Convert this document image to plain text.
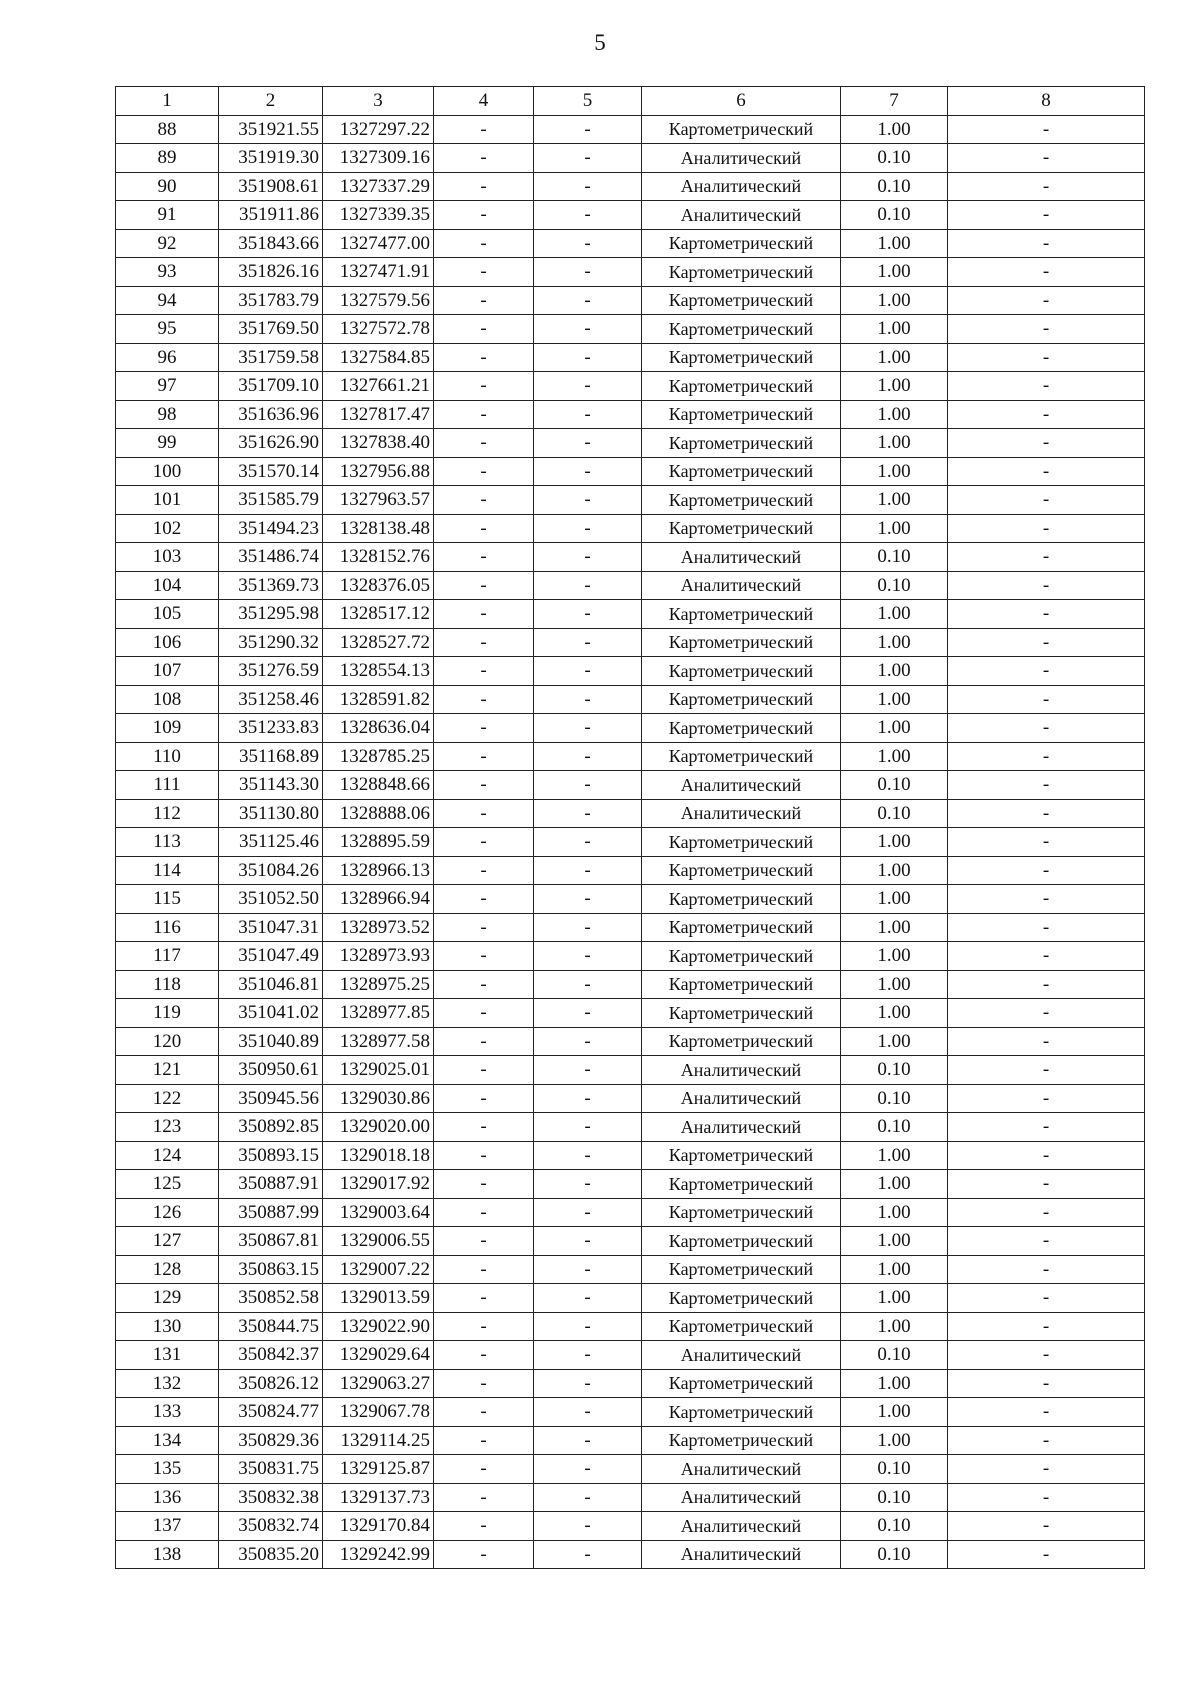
5
1	2	3	4	5	6	7	8
88	351921.55	1327297.22	-	-	Картометрический	1.00	-
89	351919.30	1327309.16	-	-	Аналитический	0.10	-
90	351908.61	1327337.29	-	-	Аналитический	0.10	-
91	351911.86	1327339.35	-	-	Аналитический	0.10	-
92	351843.66	1327477.00	-	-	Картометрический	1.00	-
93	351826.16	1327471.91	-	-	Картометрический	1.00	-
94	351783.79	1327579.56	-	-	Картометрический	1.00	-
95	351769.50	1327572.78	-	-	Картометрический	1.00	-
96	351759.58	1327584.85	-	-	Картометрический	1.00	-
97	351709.10	1327661.21	-	-	Картометрический	1.00	-
98	351636.96	1327817.47	-	-	Картометрический	1.00	-
99	351626.90	1327838.40	-	-	Картометрический	1.00	-
100	351570.14	1327956.88	-	-	Картометрический	1.00	-
101	351585.79	1327963.57	-	-	Картометрический	1.00	-
102	351494.23	1328138.48	-	-	Картометрический	1.00	-
103	351486.74	1328152.76	-	-	Аналитический	0.10	-
104	351369.73	1328376.05	-	-	Аналитический	0.10	-
105	351295.98	1328517.12	-	-	Картометрический	1.00	-
106	351290.32	1328527.72	-	-	Картометрический	1.00	-
107	351276.59	1328554.13	-	-	Картометрический	1.00	-
108	351258.46	1328591.82	-	-	Картометрический	1.00	-
109	351233.83	1328636.04	-	-	Картометрический	1.00	-
110	351168.89	1328785.25	-	-	Картометрический	1.00	-
111	351143.30	1328848.66	-	-	Аналитический	0.10	-
112	351130.80	1328888.06	-	-	Аналитический	0.10	-
113	351125.46	1328895.59	-	-	Картометрический	1.00	-
114	351084.26	1328966.13	-	-	Картометрический	1.00	-
115	351052.50	1328966.94	-	-	Картометрический	1.00	-
116	351047.31	1328973.52	-	-	Картометрический	1.00	-
117	351047.49	1328973.93	-	-	Картометрический	1.00	-
118	351046.81	1328975.25	-	-	Картометрический	1.00	-
119	351041.02	1328977.85	-	-	Картометрический	1.00	-
120	351040.89	1328977.58	-	-	Картометрический	1.00	-
121	350950.61	1329025.01	-	-	Аналитический	0.10	-
122	350945.56	1329030.86	-	-	Аналитический	0.10	-
123	350892.85	1329020.00	-	-	Аналитический	0.10	-
124	350893.15	1329018.18	-	-	Картометрический	1.00	-
125	350887.91	1329017.92	-	-	Картометрический	1.00	-
126	350887.99	1329003.64	-	-	Картометрический	1.00	-
127	350867.81	1329006.55	-	-	Картометрический	1.00	-
128	350863.15	1329007.22	-	-	Картометрический	1.00	-
129	350852.58	1329013.59	-	-	Картометрический	1.00	-
130	350844.75	1329022.90	-	-	Картометрический	1.00	-
131	350842.37	1329029.64	-	-	Аналитический	0.10	-
132	350826.12	1329063.27	-	-	Картометрический	1.00	-
133	350824.77	1329067.78	-	-	Картометрический	1.00	-
134	350829.36	1329114.25	-	-	Картометрический	1.00	-
135	350831.75	1329125.87	-	-	Аналитический	0.10	-
136	350832.38	1329137.73	-	-	Аналитический	0.10	-
137	350832.74	1329170.84	-	-	Аналитический	0.10	-
138	350835.20	1329242.99	-	-	Аналитический	0.10	-
